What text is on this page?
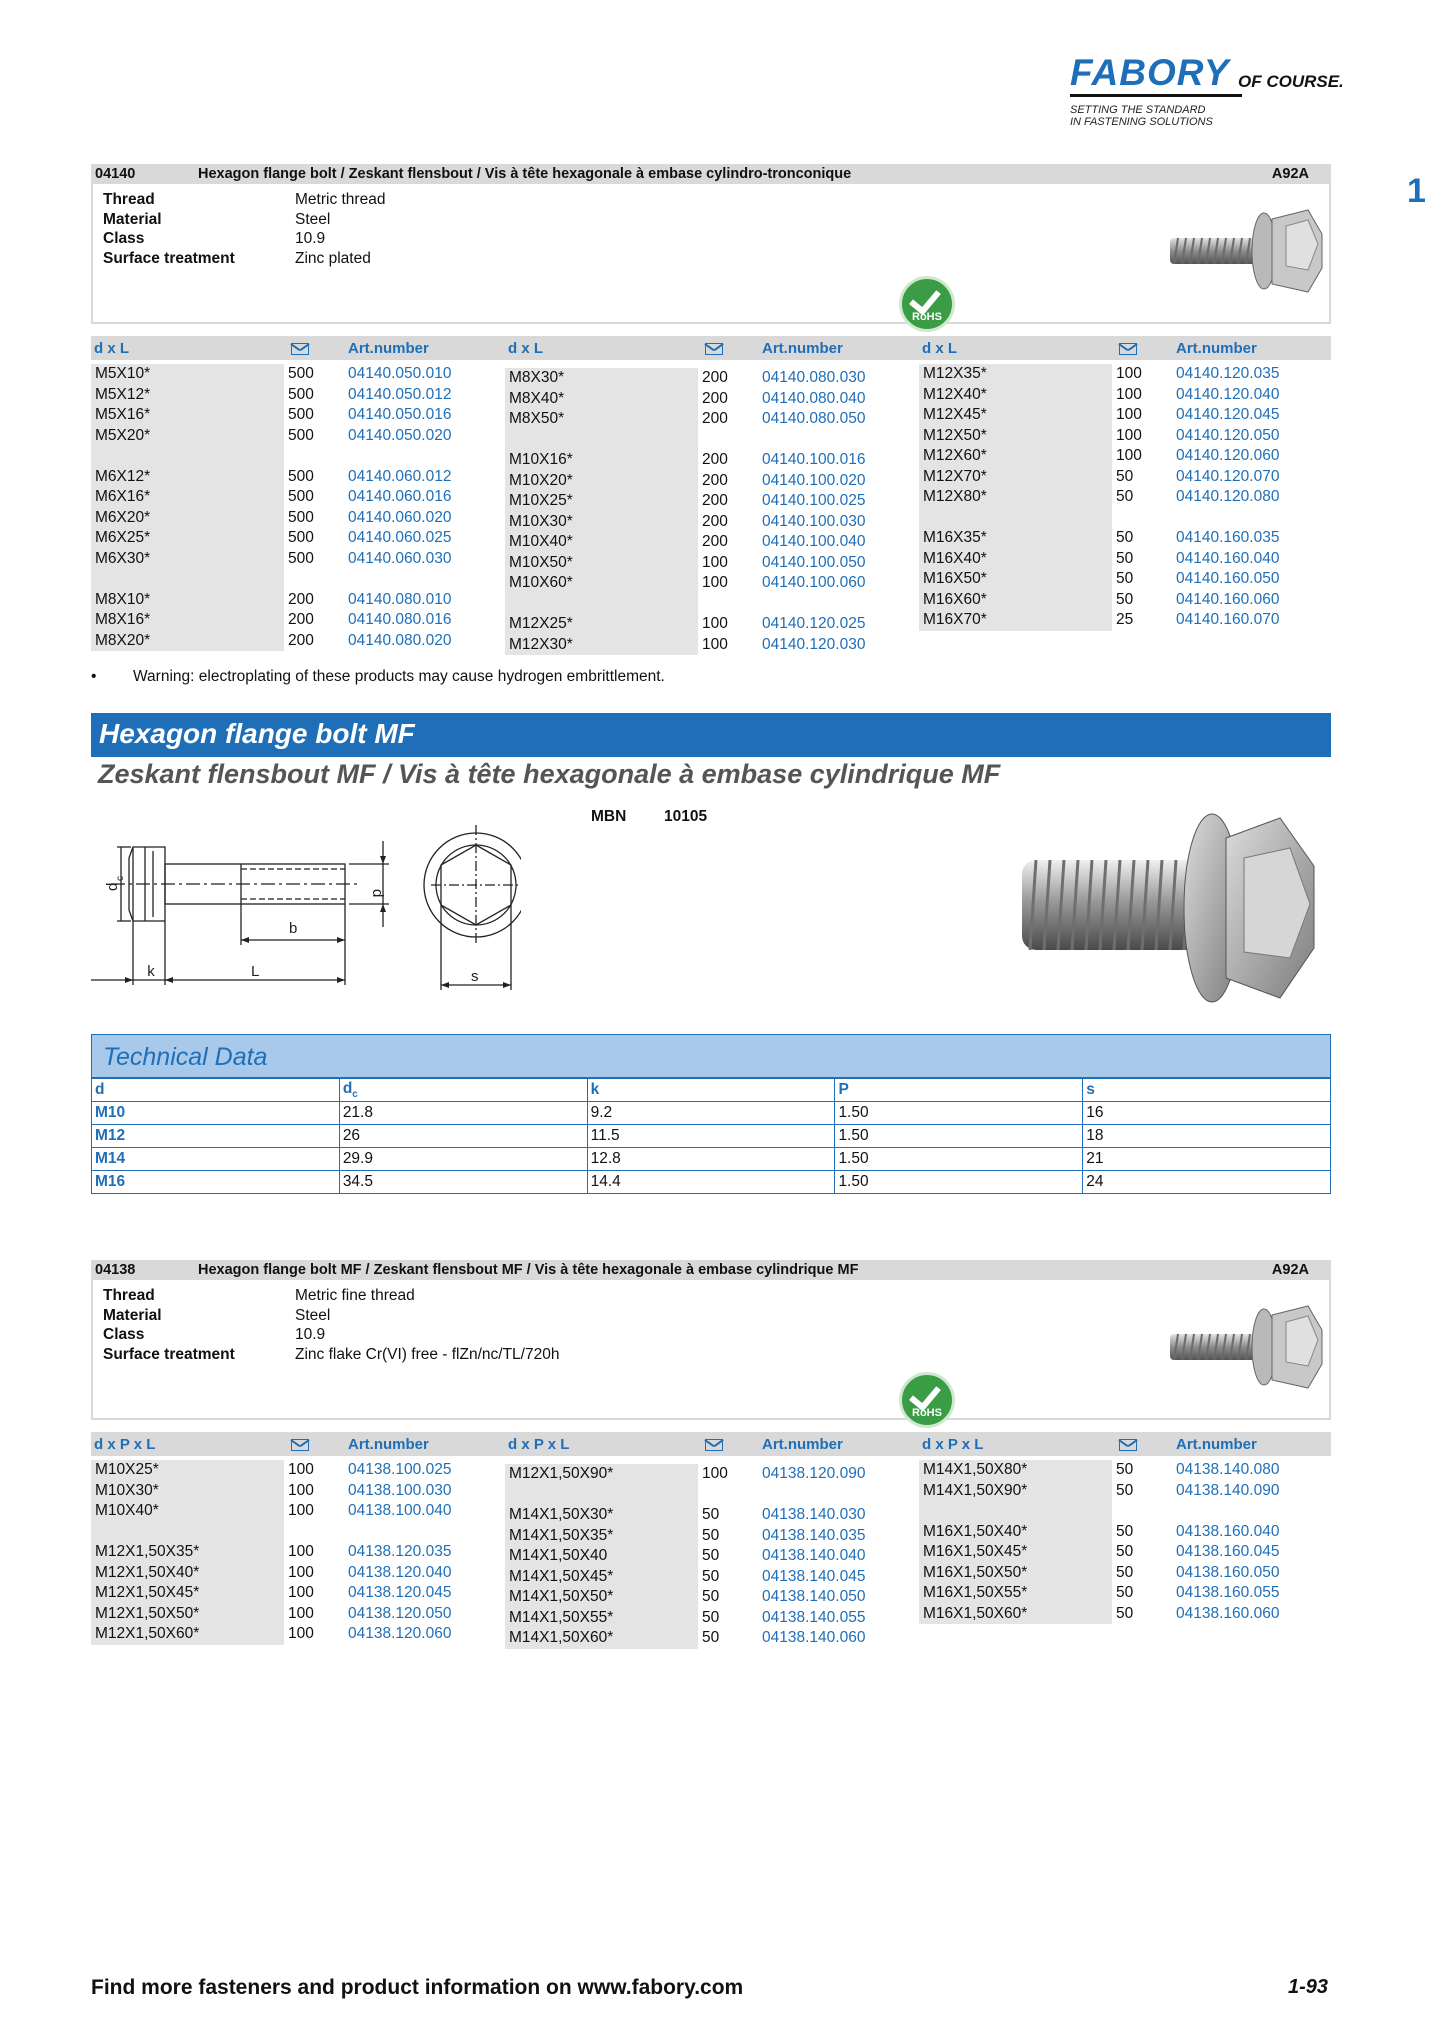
FABORY OF COURSE.
SETTING THE STANDARD
IN FASTENING SOLUTIONS
1
04140	Hexagon flange bolt / Zeskant flensbout / Vis à tête hexagonale à embase cylindro-tronconique	A92A
Thread	Metric thread
Material	Steel
Class	10.9
Surface treatment	Zinc plated
RoHS
d x L	Art.number	d x L	Art.number	d x L	Art.number
M5X10*	500 04140.050.010
M5X12*	500 04140.050.012
M5X16*	500 04140.050.016
M5X20*	500 04140.050.020
M6X12*	500 04140.060.012
M6X16*	500 04140.060.016
M6X20*	500 04140.060.020
M6X25*	500 04140.060.025
M6X30*	500 04140.060.030
M8X10*	200 04140.080.010
M8X16*	200 04140.080.016
M8X20*	200 04140.080.020
M8X30*	200 04140.080.030
M8X40*	200 04140.080.040
M8X50*	200 04140.080.050
M10X16*	200 04140.100.016
M10X20*	200 04140.100.020
M10X25*	200 04140.100.025
M10X30*	200 04140.100.030
M10X40*	200 04140.100.040
M10X50*	100 04140.100.050
M10X60*	100 04140.100.060
M12X25*	100 04140.120.025
M12X30*	100 04140.120.030
M12X35*	100 04140.120.035
M12X40*	100 04140.120.040
M12X45*	100 04140.120.045
M12X50*	100 04140.120.050
M12X60*	100 04140.120.060
M12X70*	50	04140.120.070
M12X80*	50	04140.120.080
M16X35*	50	04140.160.035
M16X40*	50	04140.160.040
M16X50*	50	04140.160.050
M16X60*	50	04140.160.060
M16X70*	25	04140.160.070
• Warning: electroplating of these products may cause hydrogen embrittlement.
Hexagon flange bolt MF
Zeskant flensbout MF / Vis à tête hexagonale à embase cylindrique MF
MBN 10105
d
c
d
b
k	L	s
Technical Data
d	$d_c$	k	P	s
M10	21.8	9.2	1.50	16
M12	26	11.5	1.50	18
M14	29.9	12.8	1.50	21
M16	34.5	14.4	1.50	24
04138	Hexagon flange bolt MF / Zeskant flensbout MF / Vis à tête hexagonale à embase cylindrique MF	A92A
Thread	Metric fine thread
Material	Steel
Class	10.9
Surface treatment	Zinc flake Cr(VI) free - flZn/nc/TL/720h
RoHS
d x P x L	Art.number	d x P x L	Art.number	d x P x L	Art.number
M10X25*	100 04138.100.025
M10X30*	100 04138.100.030
M10X40*	100 04138.100.040
M12X1,50X35*	100 04138.120.035
M12X1,50X40*	100 04138.120.040
M12X1,50X45*	100 04138.120.045
M12X1,50X50*	100 04138.120.050
M12X1,50X60*	100 04138.120.060
M12X1,50X90*	100 04138.120.090
M14X1,50X30*	50	04138.140.030
M14X1,50X35*	50	04138.140.035
M14X1,50X40	50	04138.140.040
M14X1,50X45*	50	04138.140.045
M14X1,50X50*	50	04138.140.050
M14X1,50X55*	50	04138.140.055
M14X1,50X60*	50	04138.140.060
M14X1,50X80*	50	04138.140.080
M14X1,50X90*	50	04138.140.090
M16X1,50X40*	50	04138.160.040
M16X1,50X45*	50	04138.160.045
M16X1,50X50*	50	04138.160.050
M16X1,50X55*	50	04138.160.055
M16X1,50X60*	50	04138.160.060
Find more fasteners and product information on www.fabory.com	1-93
